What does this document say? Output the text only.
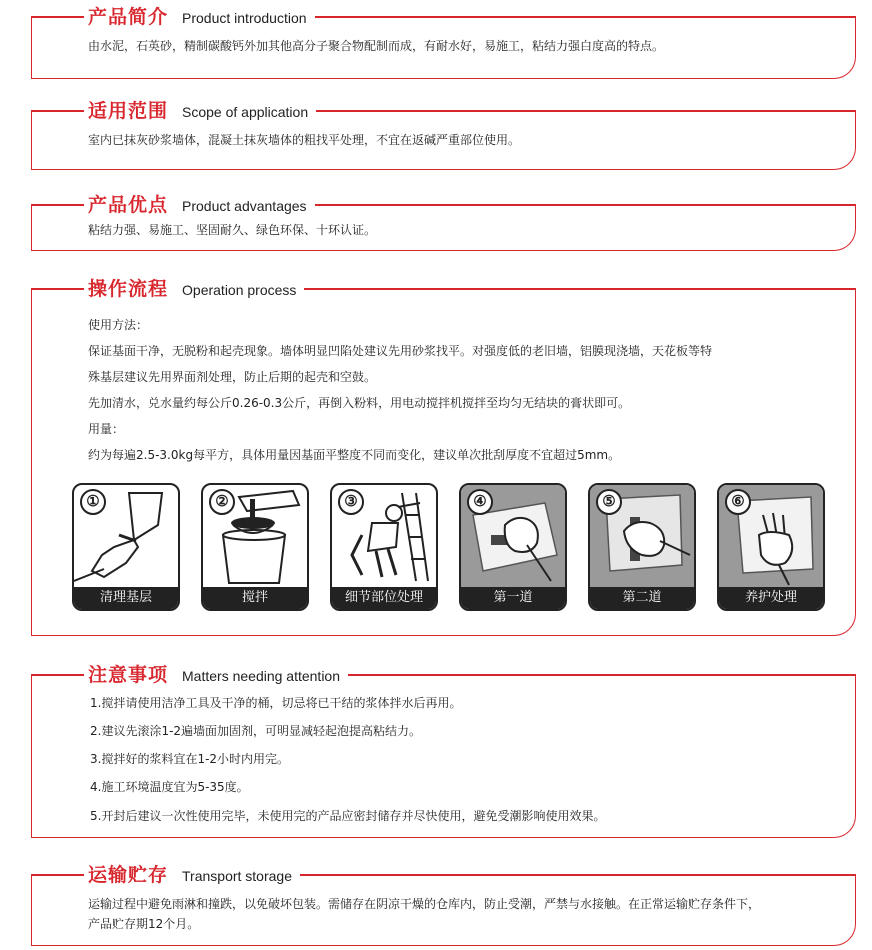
产品简介 Product introduction
由水泥，石英砂，精制碳酸钙外加其他高分子聚合物配制而成，有耐水好，易施工，粘结力强白度高的特点。
适用范围 Scope of application
室内已抹灰砂浆墙体，混凝土抹灰墙体的粗找平处理，不宜在返碱严重部位使用。
产品优点 Product advantages
粘结力强、易施工、坚固耐久、绿色环保、十环认证。
操作流程 Operation process
使用方法：
保证基面干净，无脱粉和起壳现象。墙体明显凹陷处建议先用砂浆找平。对强度低的老旧墙，铝膜现浇墙，天花板等特
殊基层建议先用界面剂处理，防止后期的起壳和空鼓。
先加清水，兑水量约每公斤0.26-0.3公斤，再倒入粉料，用电动搅拌机搅拌至均匀无结块的膏状即可。
用量：
约为每遍2.5-3.0kg每平方，具体用量因基面平整度不同而变化，建议单次批刮厚度不宜超过5mm。
①
清理基层
②
搅拌
③
细节部位处理
④
第一道
⑤
第二道
⑥
养护处理
注意事项 Matters needing attention
1.搅拌请使用洁净工具及干净的桶，切忌将已干结的浆体拌水后再用。
2.建议先滚涂1-2遍墙面加固剂，可明显减轻起泡提高粘结力。
3.搅拌好的浆料宜在1-2小时内用完。
4.施工环境温度宜为5-35度。
5.开封后建议一次性使用完毕，未使用完的产品应密封储存并尽快使用，避免受潮影响使用效果。
运输贮存 Transport storage
运输过程中避免雨淋和撞跌，以免破坏包装。需储存在阴凉干燥的仓库内，防止受潮，严禁与水接触。在正常运输贮存条件下，
产品贮存期12个月。
